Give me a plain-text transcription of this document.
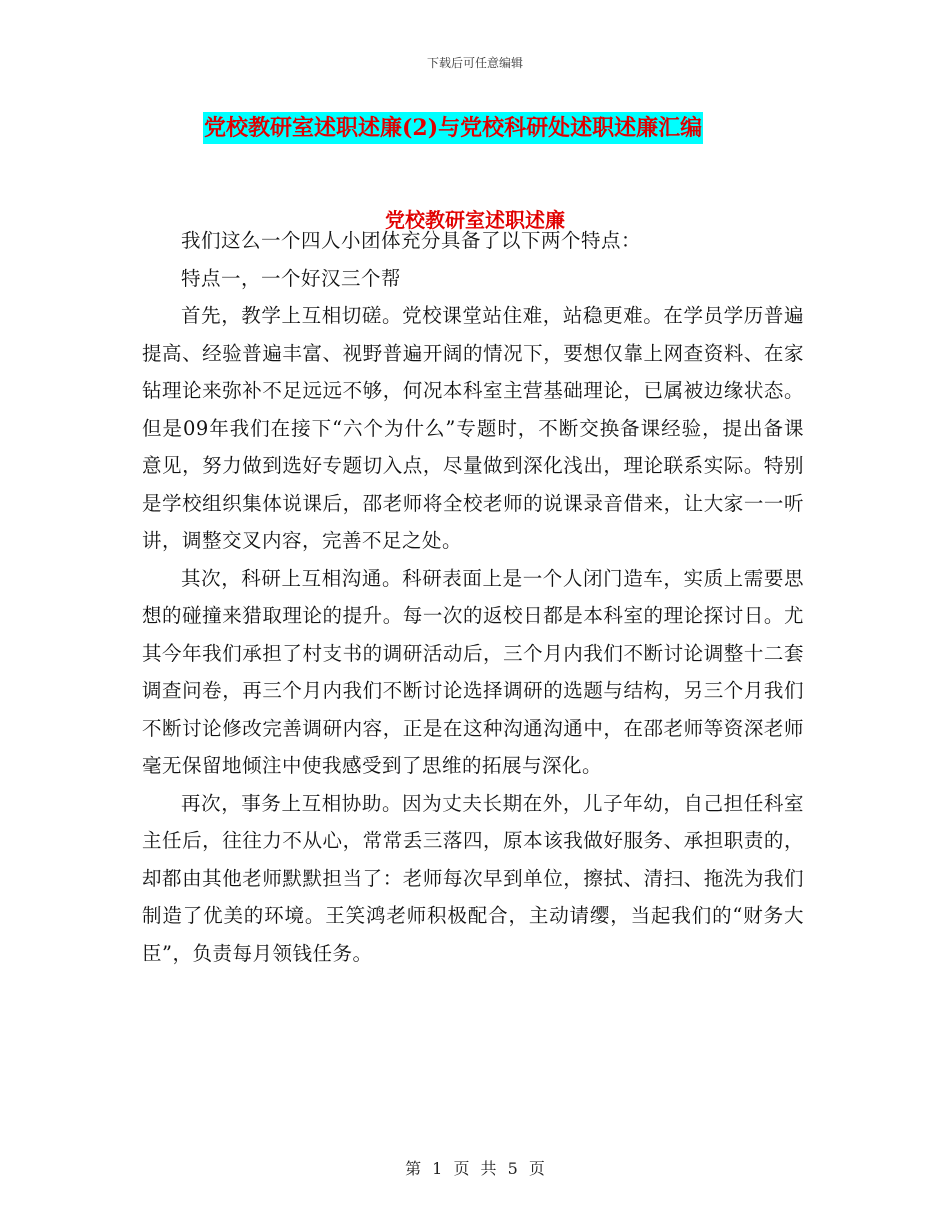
下载后可任意编辑
党校教研室述职述廉(2)与党校科研处述职述廉汇编
党校教研室述职述廉

我们这么一个四人小团体充分具备了以下两个特点：

特点一，一个好汉三个帮

首先，教学上互相切磋。党校课堂站住难，站稳更难。在学员学历普遍提高、经验普遍丰富、视野普遍开阔的情况下，要想仅靠上网查资料、在家钻理论来弥补不足远远不够，何况本科室主营基础理论，已属被边缘状态。但是09年我们在接下“六个为什么”专题时，不断交换备课经验，提出备课意见，努力做到选好专题切入点，尽量做到深化浅出，理论联系实际。特别是学校组织集体说课后，邵老师将全校老师的说课录音借来，让大家一一听讲，调整交叉内容，完善不足之处。

其次，科研上互相沟通。科研表面上是一个人闭门造车，实质上需要思想的碰撞来猎取理论的提升。每一次的返校日都是本科室的理论探讨日。尤其今年我们承担了村支书的调研活动后，三个月内我们不断讨论调整十二套调查问卷，再三个月内我们不断讨论选择调研的选题与结构，另三个月我们不断讨论修改完善调研内容，正是在这种沟通沟通中，在邵老师等资深老师毫无保留地倾注中使我感受到了思维的拓展与深化。

再次，事务上互相协助。因为丈夫长期在外，儿子年幼，自己担任科室主任后，往往力不从心，常常丢三落四，原本该我做好服务、承担职责的，却都由其他老师默默担当了：老师每次早到单位，擦拭、清扫、拖洗为我们制造了优美的环境。王笑鸿老师积极配合，主动请缨，当起我们的“财务大臣”，负责每月领钱任务。

第 1 页 共 5 页
